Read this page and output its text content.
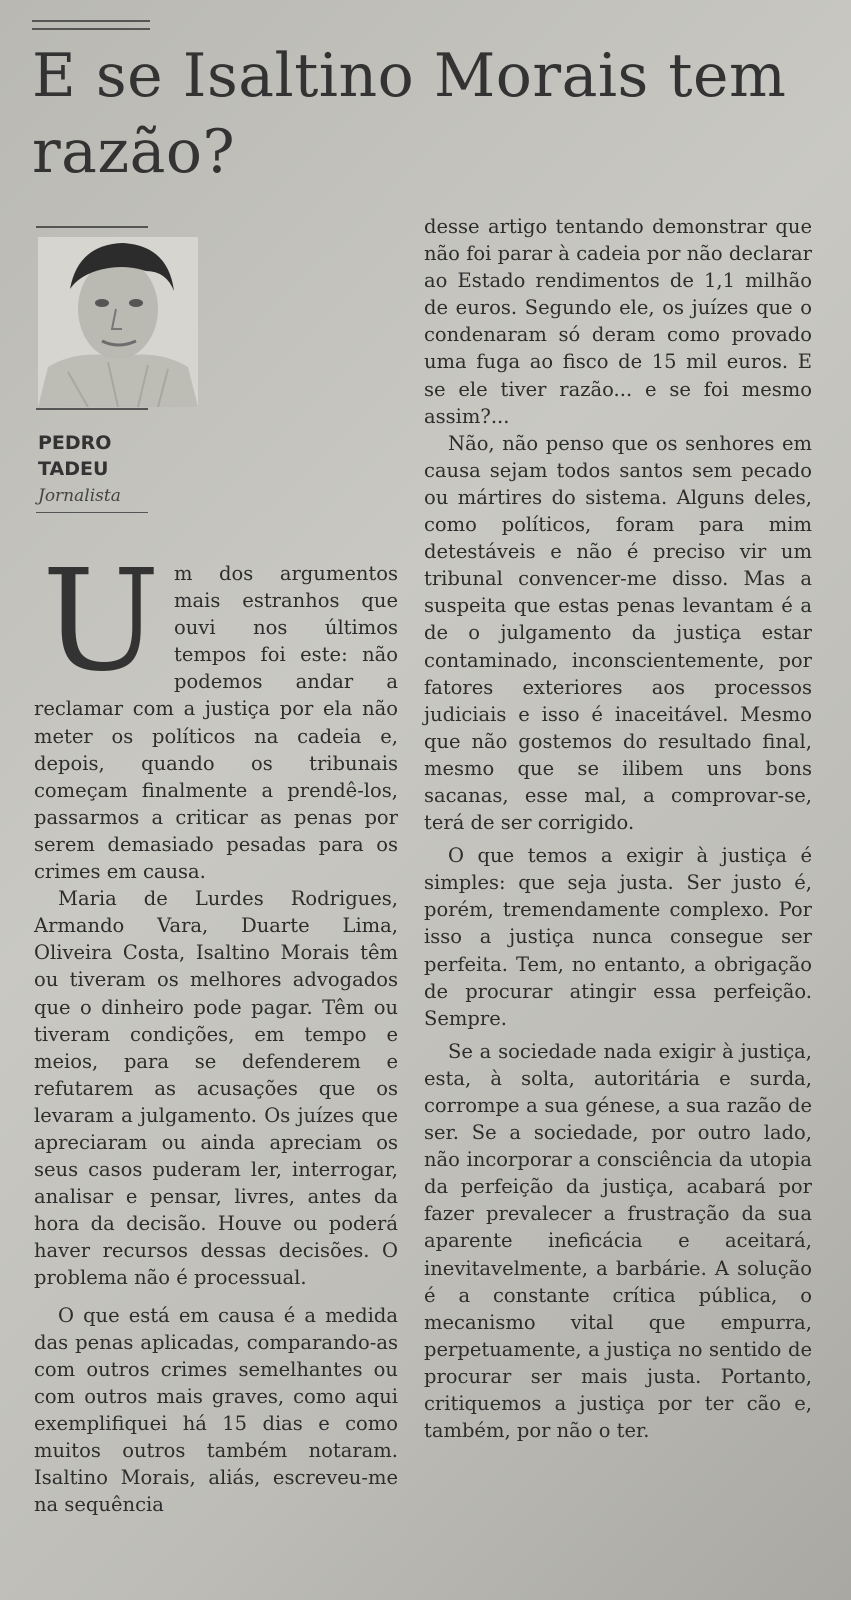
E se Isaltino Morais tem razão?

PEDRO TADEU

Jornalista

Um dos argumentos mais estranhos que ouvi nos últimos tempos foi este: não podemos andar a reclamar com a justiça por ela não meter os políticos na cadeia e, depois, quando os tribunais começam finalmente a prendê-los, passarmos a criticar as penas por serem demasiado pesadas para os crimes em causa.

Maria de Lurdes Rodrigues, Armando Vara, Duarte Lima, Oliveira Costa, Isaltino Morais têm ou tiveram os melhores advogados que o dinheiro pode pagar. Têm ou tiveram condições, em tempo e meios, para se defenderem e refutarem as acusações que os levaram a julgamento. Os juízes que apreciaram ou ainda apreciam os seus casos puderam ler, interrogar, analisar e pensar, livres, antes da hora da decisão. Houve ou poderá haver recursos dessas decisões. O problema não é processual.

O que está em causa é a medida das penas aplicadas, comparando-as com outros crimes semelhantes ou com outros mais graves, como aqui exemplifiquei há 15 dias e como muitos outros também notaram. Isaltino Morais, aliás, escreveu-me na sequência

desse artigo tentando demonstrar que não foi parar à cadeia por não declarar ao Estado rendimentos de 1,1 milhão de euros. Segundo ele, os juízes que o condenaram só deram como provado uma fuga ao fisco de 15 mil euros. E se ele tiver razão... e se foi mesmo assim?...

Não, não penso que os senhores em causa sejam todos santos sem pecado ou mártires do sistema. Alguns deles, como políticos, foram para mim detestáveis e não é preciso vir um tribunal convencer-me disso. Mas a suspeita que estas penas levantam é a de o julgamento da justiça estar contaminado, inconscientemente, por fatores exteriores aos processos judiciais e isso é inaceitável. Mesmo que não gostemos do resultado final, mesmo que se ilibem uns bons sacanas, esse mal, a comprovar-se, terá de ser corrigido.

O que temos a exigir à justiça é simples: que seja justa. Ser justo é, porém, tremendamente complexo. Por isso a justiça nunca consegue ser perfeita. Tem, no entanto, a obrigação de procurar atingir essa perfeição. Sempre.

Se a sociedade nada exigir à justiça, esta, à solta, autoritária e surda, corrompe a sua génese, a sua razão de ser. Se a sociedade, por outro lado, não incorporar a consciência da utopia da perfeição da justiça, acabará por fazer prevalecer a frustração da sua aparente ineficácia e aceitará, inevitavelmente, a barbárie. A solução é a constante crítica pública, o mecanismo vital que empurra, perpetuamente, a justiça no sentido de procurar ser mais justa. Portanto, critiquemos a justiça por ter cão e, também, por não o ter.
